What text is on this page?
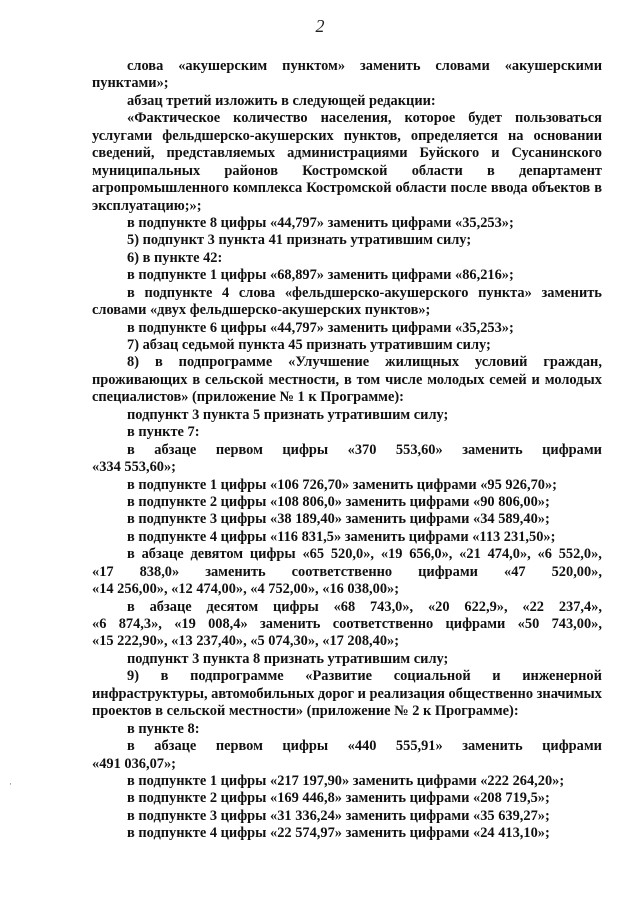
2
слова «акушерским пунктом» заменить словами «акушерскими
пунктами»;
абзац третий изложить в следующей редакции:
«Фактическое количество населения, которое будет пользоваться
услугами фельдшерско-акушерских пунктов, определяется на основании
сведений, представляемых администрациями Буйского и Сусанинского
муниципальных районов Костромской области в департамент
агропромышленного комплекса Костромской области после ввода объектов в
эксплуатацию;»;
в подпункте 8 цифры «44,797» заменить цифрами «35,253»;
5) подпункт 3 пункта 41 признать утратившим силу;
6) в пункте 42:
в подпункте 1 цифры «68,897» заменить цифрами «86,216»;
в подпункте 4 слова «фельдшерско-акушерского пункта» заменить
словами «двух фельдшерско-акушерских пунктов»;
в подпункте 6 цифры «44,797» заменить цифрами «35,253»;
7) абзац седьмой пункта 45 признать утратившим силу;
8) в подпрограмме «Улучшение жилищных условий граждан,
проживающих в сельской местности, в том числе молодых семей и молодых
специалистов» (приложение № 1 к Программе):
подпункт 3 пункта 5 признать утратившим силу;
в пункте 7:
в абзаце первом цифры «370 553,60» заменить цифрами
«334 553,60»;
в подпункте 1 цифры «106 726,70» заменить цифрами «95 926,70»;
в подпункте 2 цифры «108 806,0» заменить цифрами «90 806,00»;
в подпункте 3 цифры «38 189,40» заменить цифрами «34 589,40»;
в подпункте 4 цифры «116 831,5» заменить цифрами «113 231,50»;
в абзаце девятом цифры «65 520,0», «19 656,0», «21 474,0», «6 552,0»,
«17 838,0» заменить соответственно цифрами «47 520,00»,
«14 256,00», «12 474,00», «4 752,00», «16 038,00»;
в абзаце десятом цифры «68 743,0», «20 622,9», «22 237,4»,
«6 874,3», «19 008,4» заменить соответственно цифрами «50 743,00»,
«15 222,90», «13 237,40», «5 074,30», «17 208,40»;
подпункт 3 пункта 8 признать утратившим силу;
9) в подпрограмме «Развитие социальной и инженерной
инфраструктуры, автомобильных дорог и реализация общественно значимых
проектов в сельской местности» (приложение № 2 к Программе):
в пункте 8:
в абзаце первом цифры «440 555,91» заменить цифрами
«491 036,07»;
в подпункте 1 цифры «217 197,90» заменить цифрами «222 264,20»;
в подпункте 2 цифры «169 446,8» заменить цифрами «208 719,5»;
в подпункте 3 цифры «31 336,24» заменить цифрами «35 639,27»;
в подпункте 4 цифры «22 574,97» заменить цифрами «24 413,10»;
·
